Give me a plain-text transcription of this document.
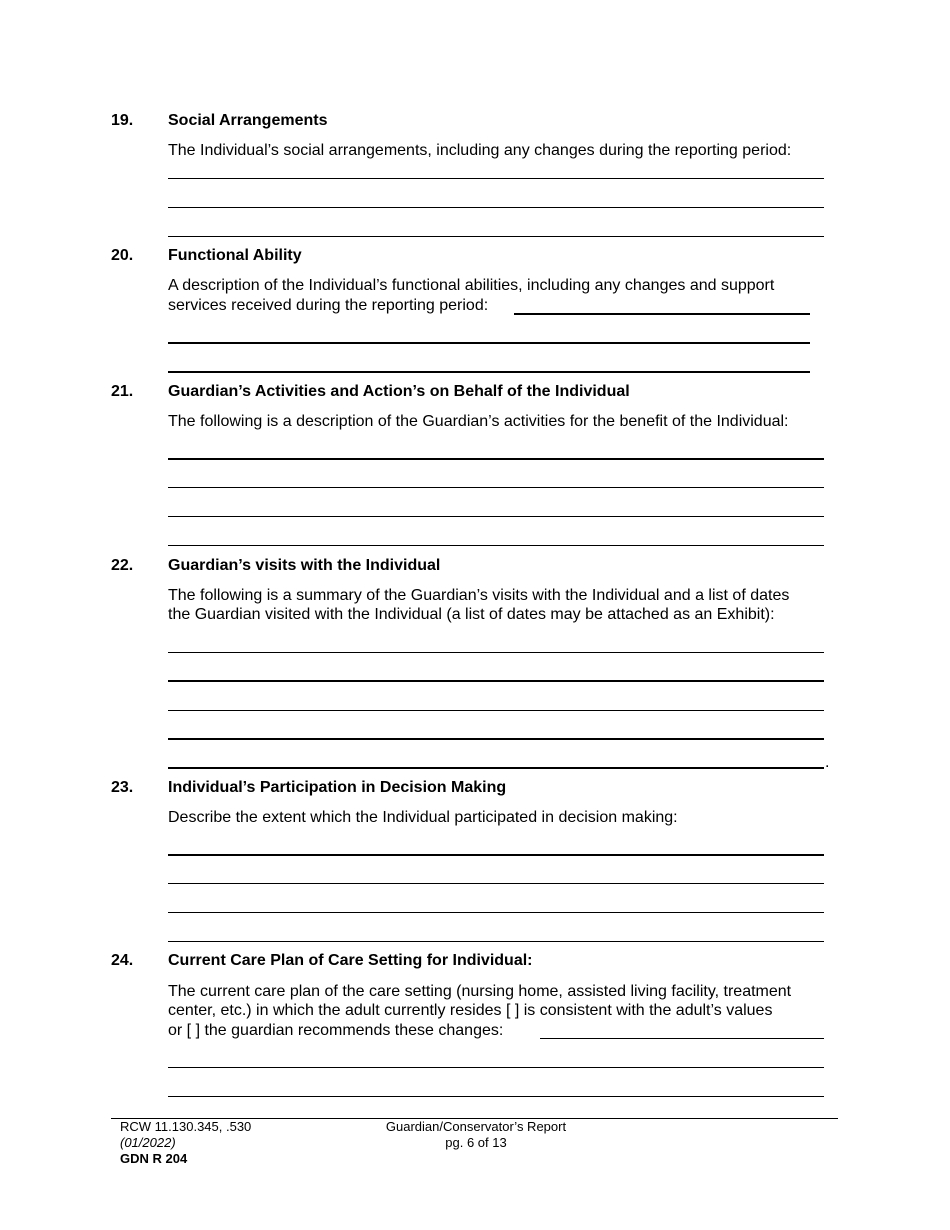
19. Social Arrangements
The Individual’s social arrangements, including any changes during the reporting period:
20. Functional Ability
A description of the Individual’s functional abilities, including any changes and support
services received during the reporting period:
21. Guardian’s Activities and Action’s on Behalf of the Individual
The following is a description of the Guardian’s activities for the benefit of the Individual:
22. Guardian’s visits with the Individual
The following is a summary of the Guardian’s visits with the Individual and a list of dates
the Guardian visited with the Individual (a list of dates may be attached as an Exhibit):
.
23. Individual’s Participation in Decision Making
Describe the extent which the Individual participated in decision making:
24. Current Care Plan of Care Setting for Individual:
The current care plan of the care setting (nursing home, assisted living facility, treatment
center, etc.) in which the adult currently resides [ ] is consistent with the adult’s values
or [ ] the guardian recommends these changes:
RCW 11.130.345, .530
(01/2022)
GDN R 204
Guardian/Conservator’s Report
pg. 6 of 13
